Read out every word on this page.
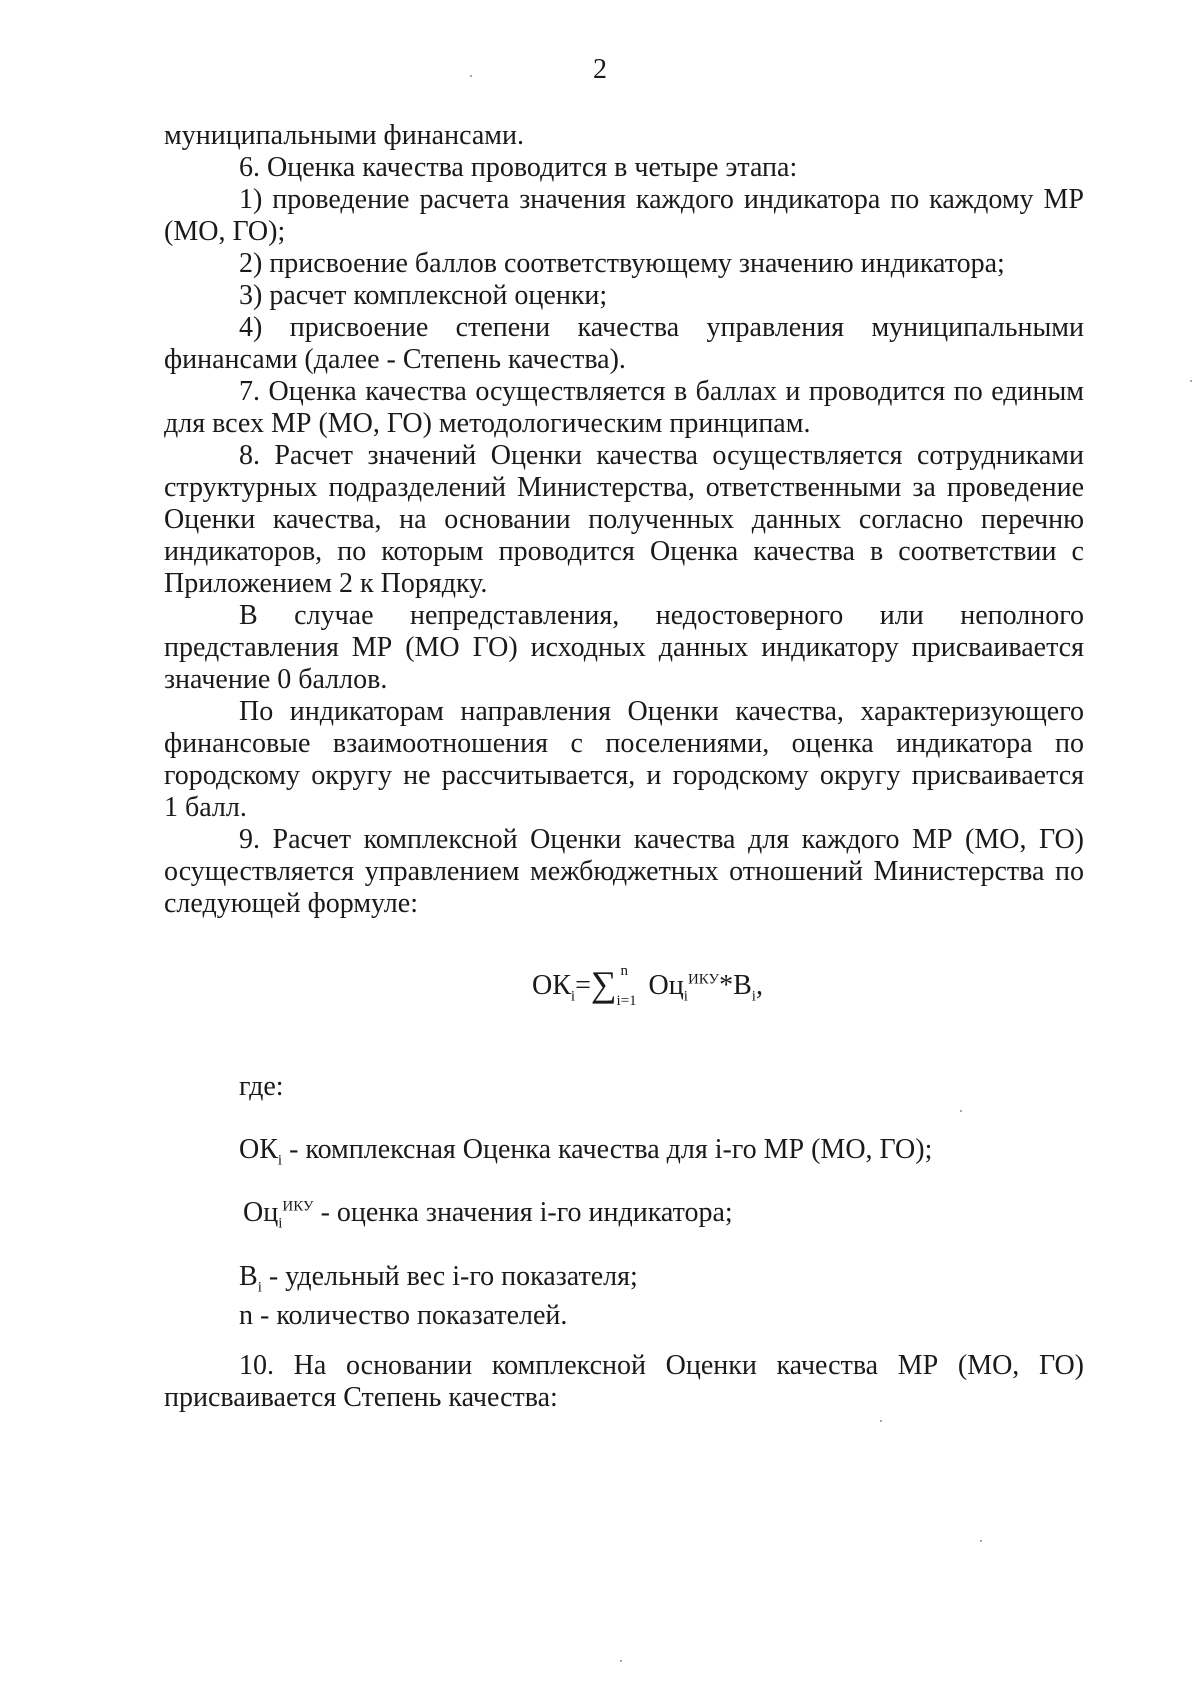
2
муниципальными финансами.
6. Оценка качества проводится в четыре этапа:
1) проведение расчета значения каждого индикатора по каждому МР
(МО, ГО);
2) присвоение баллов соответствующему значению индикатора;
3) расчет комплексной оценки;
4) присвоение степени качества управления муниципальными
финансами (далее - Степень качества).
7. Оценка качества осуществляется в баллах и проводится по единым
для всех МР (МО, ГО) методологическим принципам.
8. Расчет значений Оценки качества осуществляется сотрудниками
структурных подразделений Министерства, ответственными за проведение
Оценки качества, на основании полученных данных согласно перечню
индикаторов, по которым проводится Оценка качества в соответствии с
Приложением 2 к Порядку.
В случае непредставления, недостоверного или неполного
представления МР (МО ГО) исходных данных индикатору присваивается
значение 0 баллов.
По индикаторам направления Оценки качества, характеризующего
финансовые взаимоотношения с поселениями, оценка индикатора по
городскому округу не рассчитывается, и городскому округу присваивается
1 балл.
9. Расчет комплексной Оценки качества для каждого МР (МО, ГО)
осуществляется управлением межбюджетных отношений Министерства по
следующей формуле:
$ОК_i=\sum$ n
i=1 $Оц_i^{ИКУ}*В_i$,
где:
$ОК_i$ - комплексная Оценка качества для i-го МР (МО, ГО);
$Оц_i^{ИКУ}$ - оценка значения i-го индикатора;
$В_i$ - удельный вес i-го показателя;
n - количество показателей.
10. На основании комплексной Оценки качества МР (МО, ГО)
присваивается Степень качества:
